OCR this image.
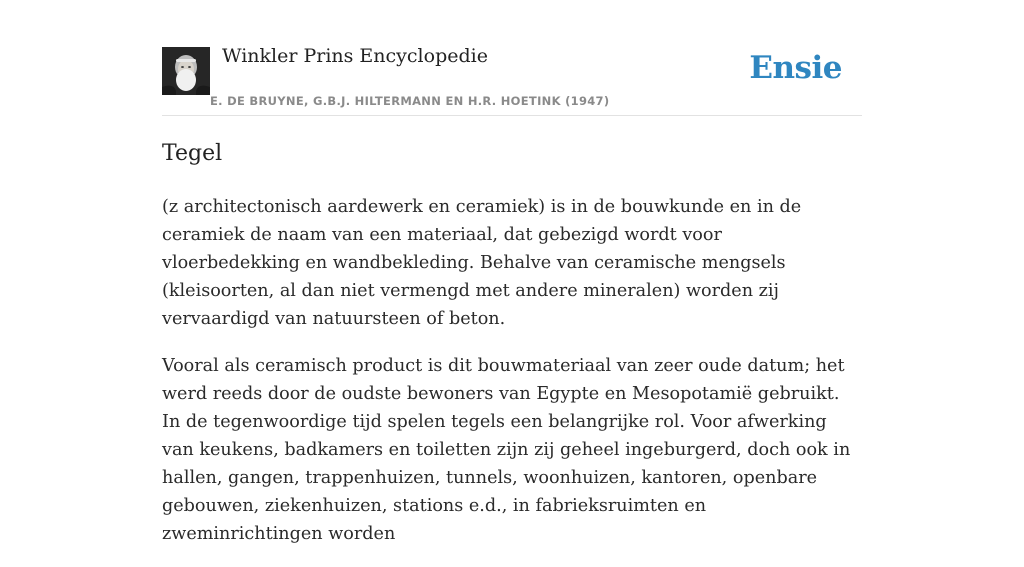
Winkler Prins Encyclopedie
E. DE BRUYNE, G.B.J. HILTERMANN EN H.R. HOETINK (1947)
Ensie
Tegel

(z architectonisch aardewerk en ceramiek) is in de bouwkunde en in de ceramiek de naam van een materiaal, dat gebezigd wordt voor vloerbedekking en wandbekleding. Behalve van ceramische mengsels (kleisoorten, al dan niet vermengd met andere mineralen) worden zij vervaardigd van natuursteen of beton.

Vooral als ceramisch product is dit bouwmateriaal van zeer oude datum; het werd reeds door de oudste bewoners van Egypte en Mesopotamië gebruikt. In de tegenwoordige tijd spelen tegels een belangrijke rol. Voor afwerking van keukens, badkamers en toiletten zijn zij geheel ingeburgerd, doch ook in hallen, gangen, trappenhuizen, tunnels, woonhuizen, kantoren, openbare gebouwen, ziekenhuizen, stations e.d., in fabrieksruimten en zweminrichtingen worden
